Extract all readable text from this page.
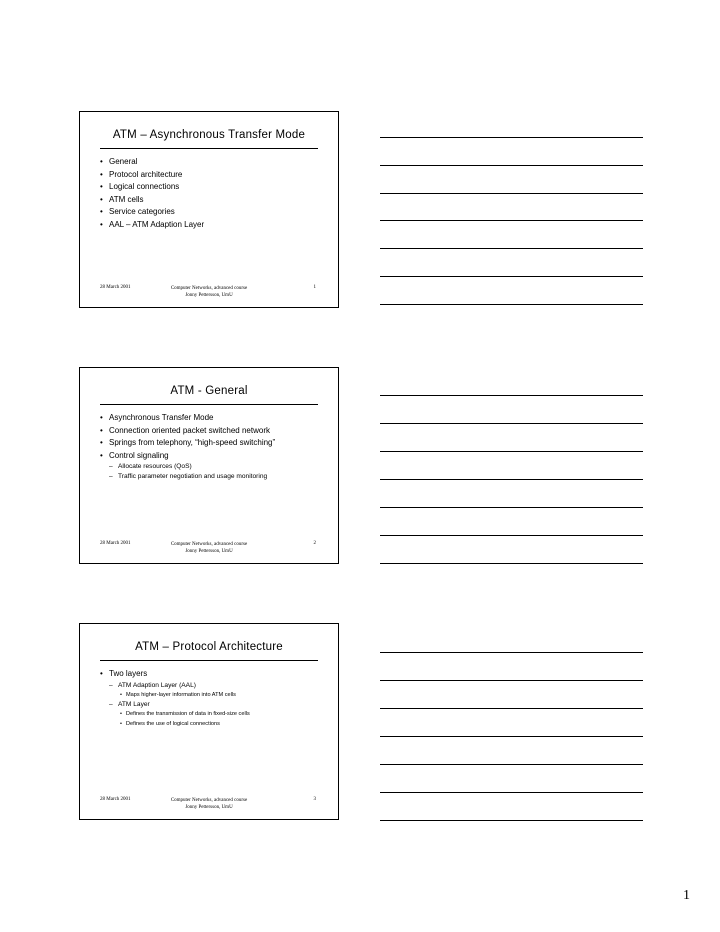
ATM – Asynchronous Transfer Mode
• General
• Protocol architecture
• Logical connections
• ATM cells
• Service categories
• AAL – ATM Adaption Layer
28 March 2001	Computer Networks, advanced course
Jonny Pettersson, UmU
1
ATM - General
• Asynchronous Transfer Mode
• Connection oriented packet switched network
• Springs from telephony, “high-speed switching”
• Control signaling
– Allocate resources (QoS)
– Traffic parameter negotiation and usage monitoring
28 March 2001	Computer Networks, advanced course
Jonny Pettersson, UmU
2
ATM – Protocol Architecture
• Two layers
– ATM Adaption Layer (AAL)
• Maps higher-layer information into ATM cells
– ATM Layer
• Defines the transmission of data in fixed-size cells
• Defines the use of logical connections
28 March 2001	Computer Networks, advanced course
Jonny Pettersson, UmU
3
1
